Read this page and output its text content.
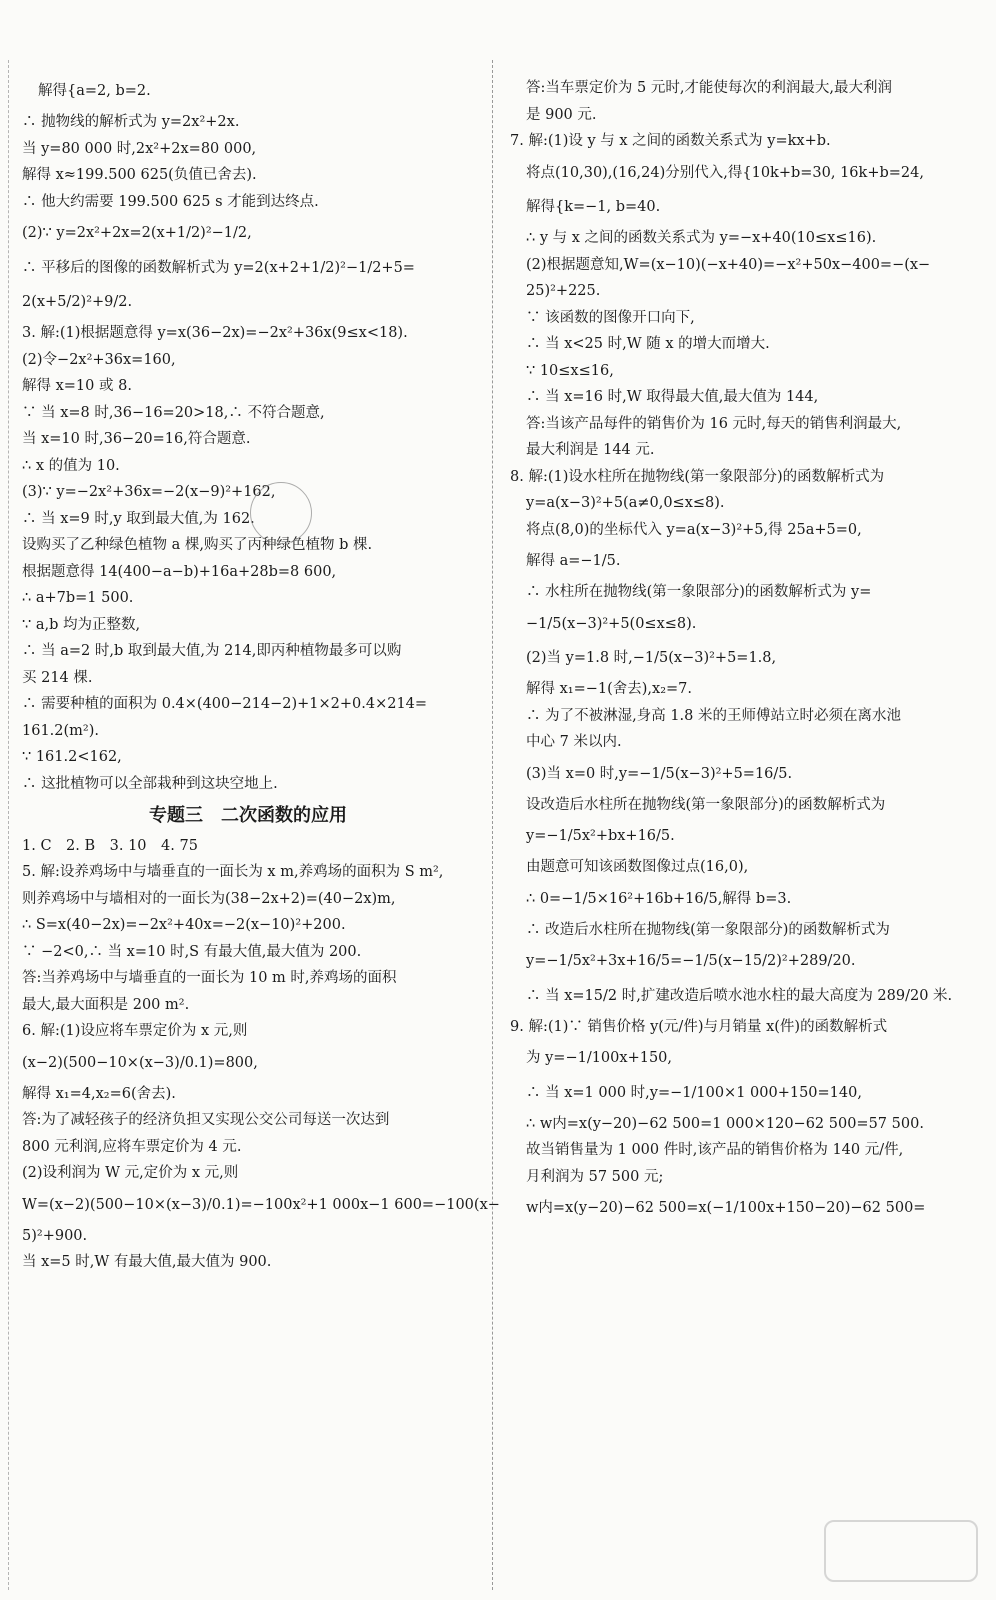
解得{a=2, b=2.
∴ 抛物线的解析式为 y=2x²+2x.
当 y=80 000 时,2x²+2x=80 000,
解得 x≈199.500 625(负值已舍去).
∴ 他大约需要 199.500 625 s 才能到达终点.
(2)∵ y=2x²+2x=2(x+1/2)²−1/2,
∴ 平移后的图像的函数解析式为 y=2(x+2+1/2)²−1/2+5=
2(x+5/2)²+9/2.
3. 解:(1)根据题意得 y=x(36−2x)=−2x²+36x(9≤x<18).
(2)令−2x²+36x=160,
解得 x=10 或 8.
∵ 当 x=8 时,36−16=20>18,∴ 不符合题意,
当 x=10 时,36−20=16,符合题意.
∴ x 的值为 10.
(3)∵ y=−2x²+36x=−2(x−9)²+162,
∴ 当 x=9 时,y 取到最大值,为 162.
设购买了乙种绿色植物 a 棵,购买了丙种绿色植物 b 棵.
根据题意得 14(400−a−b)+16a+28b=8 600,
∴ a+7b=1 500.
∵ a,b 均为正整数,
∴ 当 a=2 时,b 取到最大值,为 214,即丙种植物最多可以购
买 214 棵.
∴ 需要种植的面积为 0.4×(400−214−2)+1×2+0.4×214=
161.2(m²).
∵ 161.2<162,
∴ 这批植物可以全部栽种到这块空地上.
专题三　二次函数的应用
1. C　2. B　3. 10　4. 75
5. 解:设养鸡场中与墙垂直的一面长为 x m,养鸡场的面积为 S m²,
则养鸡场中与墙相对的一面长为(38−2x+2)=(40−2x)m,
∴ S=x(40−2x)=−2x²+40x=−2(x−10)²+200.
∵ −2<0,∴ 当 x=10 时,S 有最大值,最大值为 200.
答:当养鸡场中与墙垂直的一面长为 10 m 时,养鸡场的面积
最大,最大面积是 200 m².
6. 解:(1)设应将车票定价为 x 元,则
(x−2)(500−10×(x−3)/0.1)=800,
解得 x₁=4,x₂=6(舍去).
答:为了减轻孩子的经济负担又实现公交公司每送一次达到
800 元利润,应将车票定价为 4 元.
(2)设利润为 W 元,定价为 x 元,则
W=(x−2)(500−10×(x−3)/0.1)=−100x²+1 000x−1 600=−100(x−
5)²+900.
当 x=5 时,W 有最大值,最大值为 900.
答:当车票定价为 5 元时,才能使每次的利润最大,最大利润
是 900 元.
7. 解:(1)设 y 与 x 之间的函数关系式为 y=kx+b.
将点(10,30),(16,24)分别代入,得{10k+b=30, 16k+b=24,
解得{k=−1, b=40.
∴ y 与 x 之间的函数关系式为 y=−x+40(10≤x≤16).
(2)根据题意知,W=(x−10)(−x+40)=−x²+50x−400=−(x−
25)²+225.
∵ 该函数的图像开口向下,
∴ 当 x<25 时,W 随 x 的增大而增大.
∵ 10≤x≤16,
∴ 当 x=16 时,W 取得最大值,最大值为 144,
答:当该产品每件的销售价为 16 元时,每天的销售利润最大,
最大利润是 144 元.
8. 解:(1)设水柱所在抛物线(第一象限部分)的函数解析式为
y=a(x−3)²+5(a≠0,0≤x≤8).
将点(8,0)的坐标代入 y=a(x−3)²+5,得 25a+5=0,
解得 a=−1/5.
∴ 水柱所在抛物线(第一象限部分)的函数解析式为 y=
−1/5(x−3)²+5(0≤x≤8).
(2)当 y=1.8 时,−1/5(x−3)²+5=1.8,
解得 x₁=−1(舍去),x₂=7.
∴ 为了不被淋湿,身高 1.8 米的王师傅站立时必须在离水池
中心 7 米以内.
(3)当 x=0 时,y=−1/5(x−3)²+5=16/5.
设改造后水柱所在抛物线(第一象限部分)的函数解析式为
y=−1/5x²+bx+16/5.
由题意可知该函数图像过点(16,0),
∴ 0=−1/5×16²+16b+16/5,解得 b=3.
∴ 改造后水柱所在抛物线(第一象限部分)的函数解析式为
y=−1/5x²+3x+16/5=−1/5(x−15/2)²+289/20.
∴ 当 x=15/2 时,扩建改造后喷水池水柱的最大高度为 289/20 米.
9. 解:(1)∵ 销售价格 y(元/件)与月销量 x(件)的函数解析式
为 y=−1/100x+150,
∴ 当 x=1 000 时,y=−1/100×1 000+150=140,
∴ w内=x(y−20)−62 500=1 000×120−62 500=57 500.
故当销售量为 1 000 件时,该产品的销售价格为 140 元/件,
月利润为 57 500 元;
w内=x(y−20)−62 500=x(−1/100x+150−20)−62 500=
